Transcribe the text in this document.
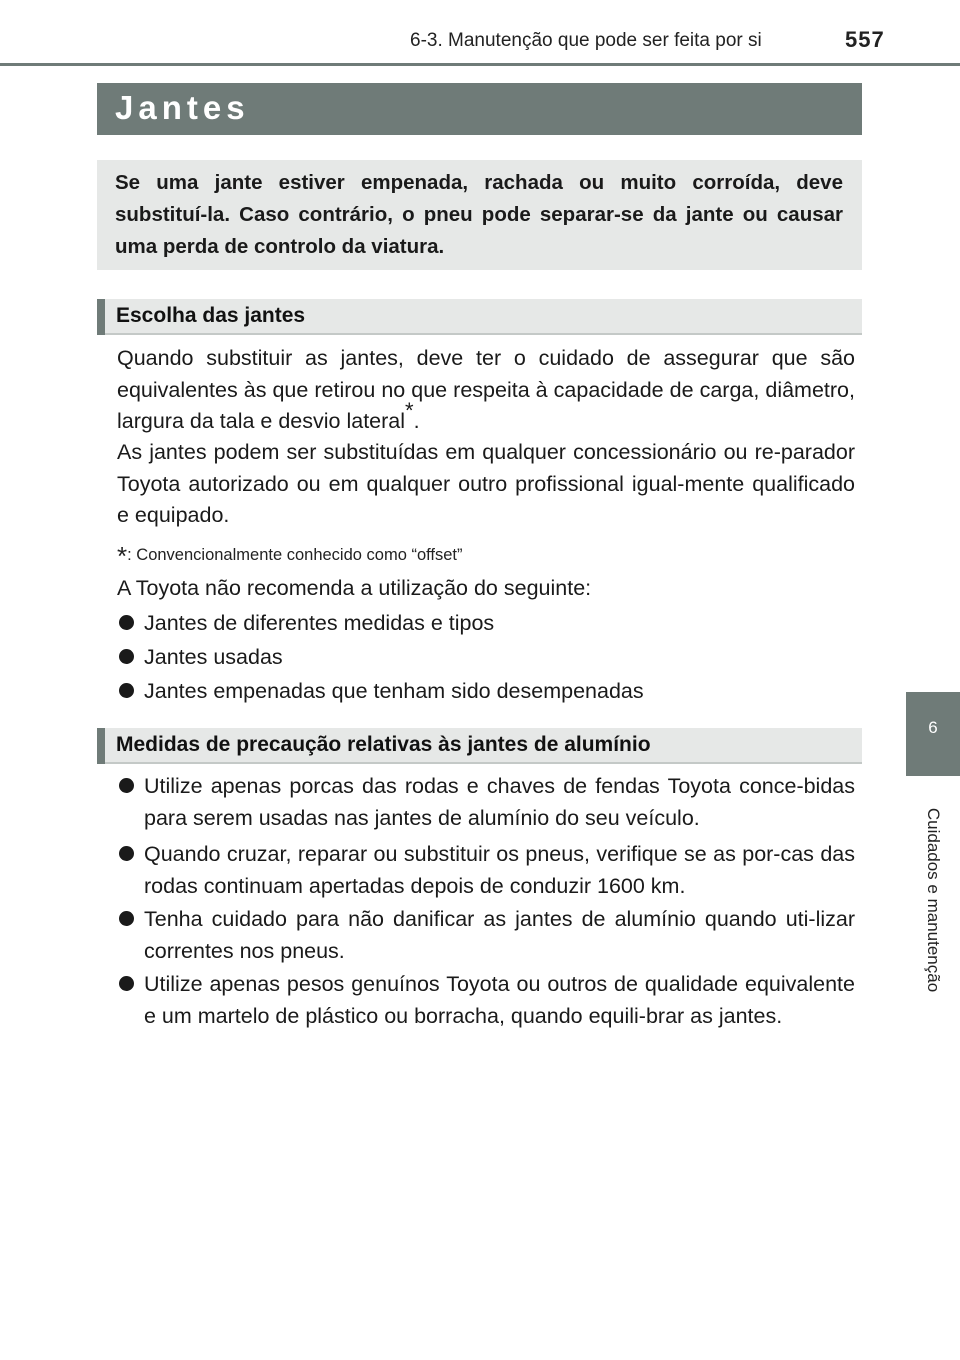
6-3. Manutenção que pode ser feita por si	557
Jantes
Se uma jante estiver empenada, rachada ou muito corroída, deve substituí-la. Caso contrário, o pneu pode separar-se da jante ou causar uma perda de controlo da viatura.
Escolha das jantes
Quando substituir as jantes, deve ter o cuidado de assegurar que são equivalentes às que retirou no que respeita à capacidade de carga, diâmetro, largura da tala e desvio lateral*.
As jantes podem ser substituídas em qualquer concessionário ou re-parador Toyota autorizado ou em qualquer outro profissional igual-mente qualificado e equipado.
*: Convencionalmente conhecido como “offset”
A Toyota não recomenda a utilização do seguinte:
Jantes de diferentes medidas e tipos
Jantes usadas
Jantes empenadas que tenham sido desempenadas
Medidas de precaução relativas às jantes de alumínio
Utilize apenas porcas das rodas e chaves de fendas Toyota conce-bidas para serem usadas nas jantes de alumínio do seu veículo.
Quando cruzar, reparar ou substituir os pneus, verifique se as por-cas das rodas continuam apertadas depois de conduzir 1600 km.
Tenha cuidado para não danificar as jantes de alumínio quando uti-lizar correntes nos pneus.
Utilize apenas pesos genuínos Toyota ou outros de qualidade equivalente e um martelo de plástico ou borracha, quando equili-brar as jantes.
6
Cuidados e manutenção
